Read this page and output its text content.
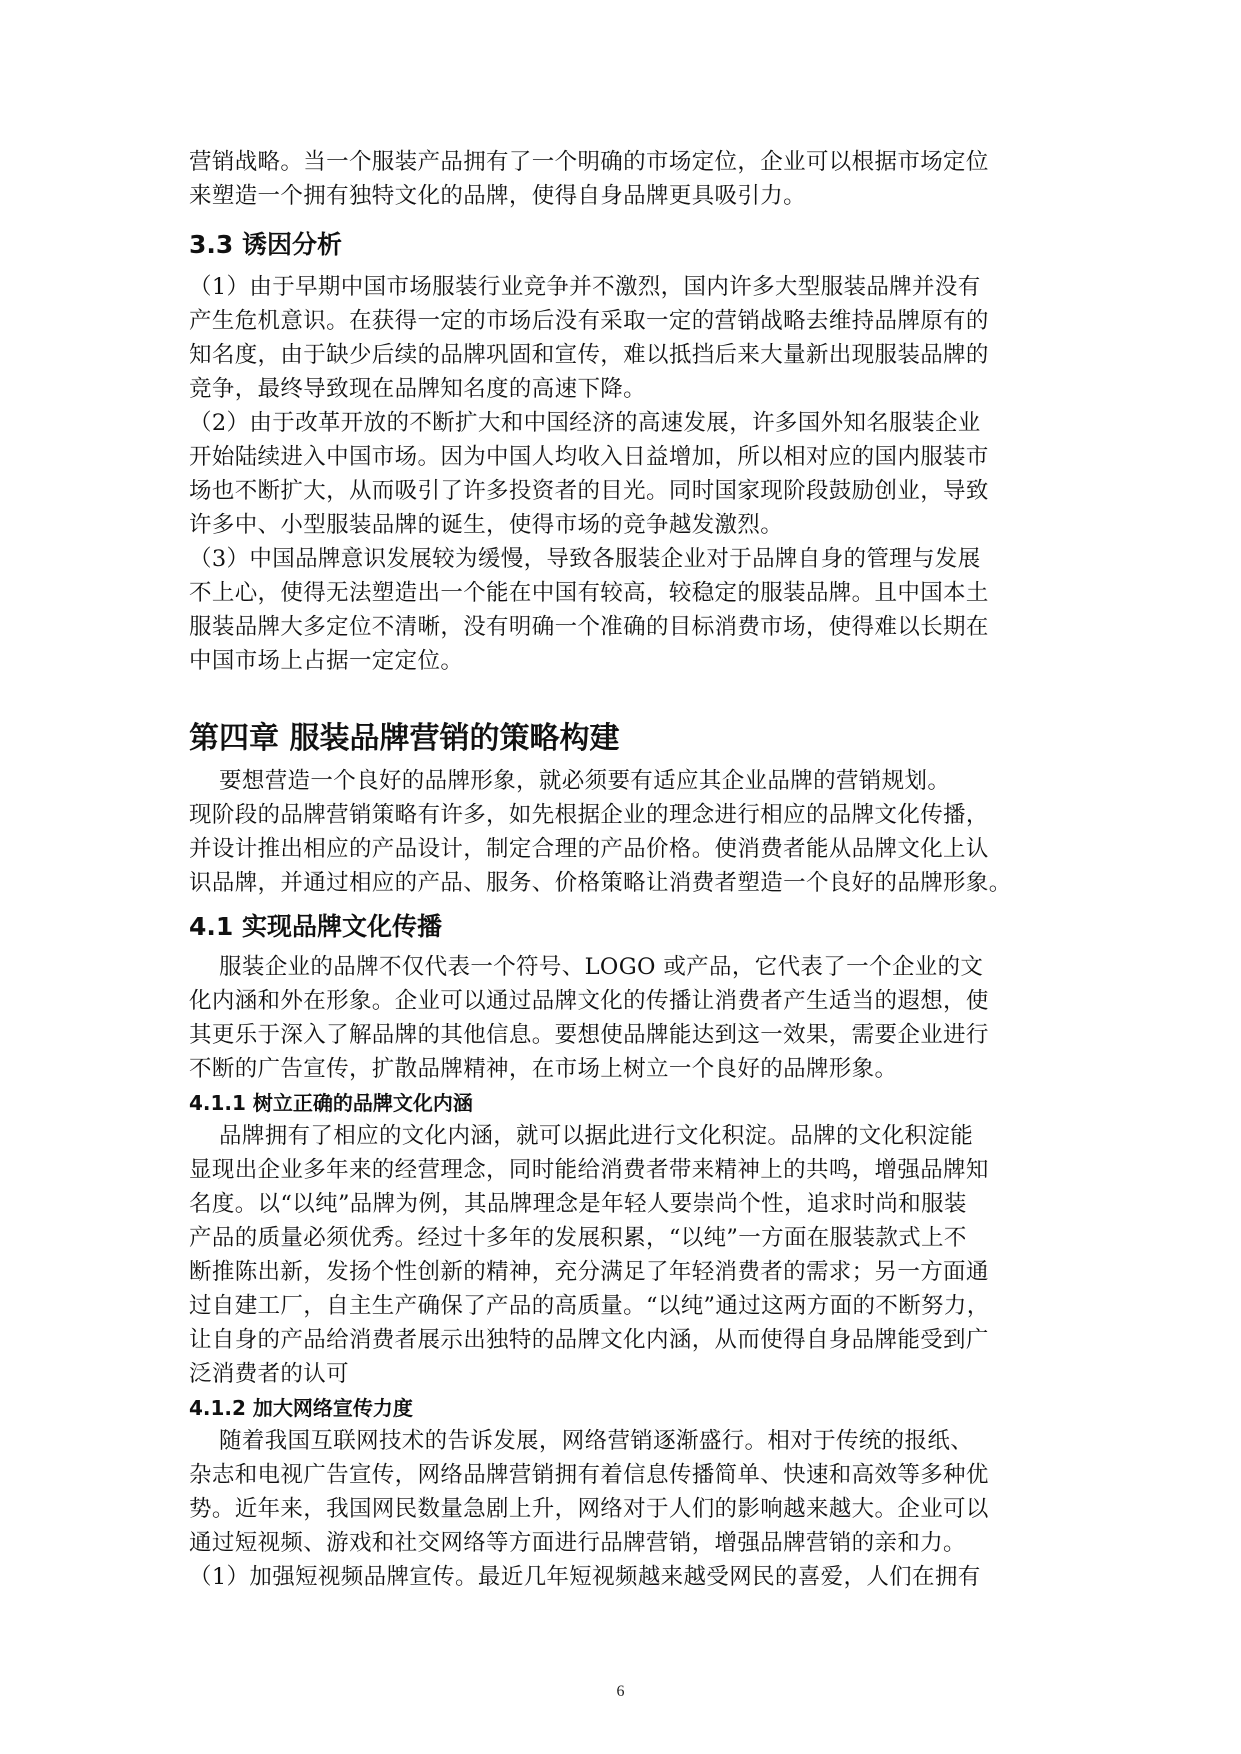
营销战略。当一个服装产品拥有了一个明确的市场定位，企业可以根据市场定位
来塑造一个拥有独特文化的品牌，使得自身品牌更具吸引力。
3.3 诱因分析
（1）由于早期中国市场服装行业竞争并不激烈，国内许多大型服装品牌并没有
产生危机意识。在获得一定的市场后没有采取一定的营销战略去维持品牌原有的
知名度，由于缺少后续的品牌巩固和宣传，难以抵挡后来大量新出现服装品牌的
竞争，最终导致现在品牌知名度的高速下降。
（2）由于改革开放的不断扩大和中国经济的高速发展，许多国外知名服装企业
开始陆续进入中国市场。因为中国人均收入日益增加，所以相对应的国内服装市
场也不断扩大，从而吸引了许多投资者的目光。同时国家现阶段鼓励创业，导致
许多中、小型服装品牌的诞生，使得市场的竞争越发激烈。
（3）中国品牌意识发展较为缓慢，导致各服装企业对于品牌自身的管理与发展
不上心，使得无法塑造出一个能在中国有较高，较稳定的服装品牌。且中国本土
服装品牌大多定位不清晰，没有明确一个准确的目标消费市场，使得难以长期在
中国市场上占据一定定位。
第四章 服装品牌营销的策略构建
要想营造一个良好的品牌形象，就必须要有适应其企业品牌的营销规划。
现阶段的品牌营销策略有许多，如先根据企业的理念进行相应的品牌文化传播，
并设计推出相应的产品设计，制定合理的产品价格。使消费者能从品牌文化上认
识品牌，并通过相应的产品、服务、价格策略让消费者塑造一个良好的品牌形象。
4.1 实现品牌文化传播
服装企业的品牌不仅代表一个符号、LOGO 或产品，它代表了一个企业的文
化内涵和外在形象。企业可以通过品牌文化的传播让消费者产生适当的遐想，使
其更乐于深入了解品牌的其他信息。要想使品牌能达到这一效果，需要企业进行
不断的广告宣传，扩散品牌精神，在市场上树立一个良好的品牌形象。
4.1.1 树立正确的品牌文化内涵
品牌拥有了相应的文化内涵，就可以据此进行文化积淀。品牌的文化积淀能
显现出企业多年来的经营理念，同时能给消费者带来精神上的共鸣，增强品牌知
名度。以“以纯”品牌为例，其品牌理念是年轻人要崇尚个性，追求时尚和服装
产品的质量必须优秀。经过十多年的发展积累，“以纯”一方面在服装款式上不
断推陈出新，发扬个性创新的精神，充分满足了年轻消费者的需求；另一方面通
过自建工厂，自主生产确保了产品的高质量。“以纯”通过这两方面的不断努力，
让自身的产品给消费者展示出独特的品牌文化内涵，从而使得自身品牌能受到广
泛消费者的认可
4.1.2 加大网络宣传力度
随着我国互联网技术的告诉发展，网络营销逐渐盛行。相对于传统的报纸、
杂志和电视广告宣传，网络品牌营销拥有着信息传播简单、快速和高效等多种优
势。近年来，我国网民数量急剧上升，网络对于人们的影响越来越大。企业可以
通过短视频、游戏和社交网络等方面进行品牌营销，增强品牌营销的亲和力。
（1）加强短视频品牌宣传。最近几年短视频越来越受网民的喜爱，人们在拥有
6
